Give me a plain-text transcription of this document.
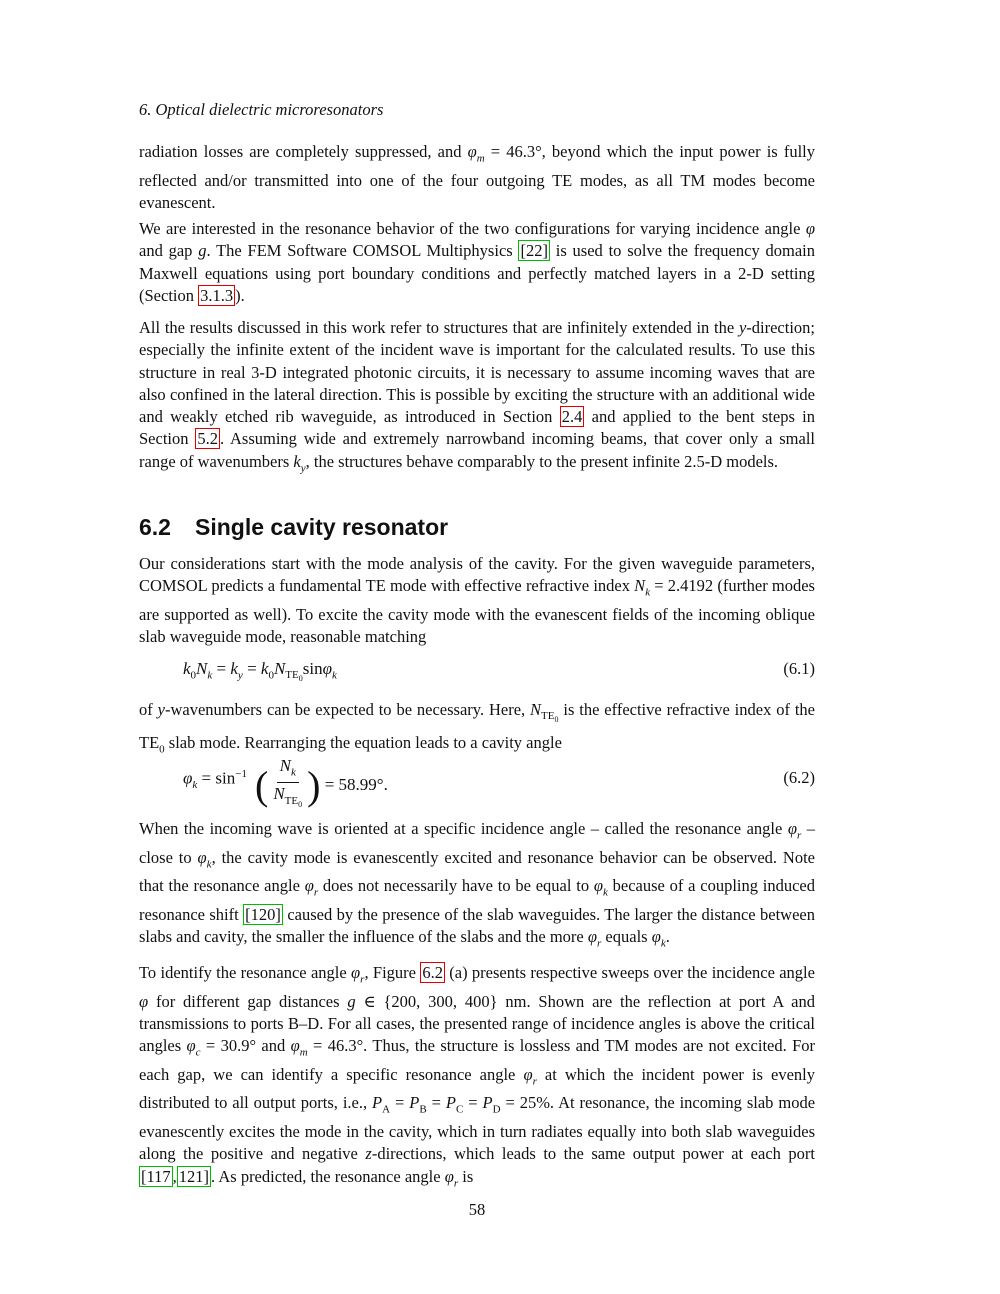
6. Optical dielectric microresonators
radiation losses are completely suppressed, and $\varphi_m = 46.3^\circ$, beyond which the input power is fully reflected and/or transmitted into one of the four outgoing TE modes, as all TM modes become evanescent.
We are interested in the resonance behavior of the two configurations for varying incidence angle φ and gap g. The FEM Software COMSOL Multiphysics [22] is used to solve the frequency domain Maxwell equations using port boundary conditions and perfectly matched layers in a 2-D setting (Section 3.1.3 ).
All the results discussed in this work refer to structures that are infinitely extended in the y-direction; especially the infinite extent of the incident wave is important for the calculated results. To use this structure in real 3-D integrated photonic circuits, it is necessary to assume incoming waves that are also confined in the lateral direction. This is possible by exciting the structure with an additional wide and weakly etched rib waveguide, as introduced in Section 2.4 and applied to the bent steps in Section 5.2 . Assuming wide and extremely narrowband incoming beams, that cover only a small range of wavenumbers $k_y$, the structures behave comparably to the present infinite 2.5-D models.
6.2 Single cavity resonator
Our considerations start with the mode analysis of the cavity. For the given waveguide parameters, COMSOL predicts a fundamental TE mode with effective refractive index $N_k = 2.4192$ (further modes are supported as well). To excite the cavity mode with the evanescent fields of the incoming oblique slab waveguide mode, reasonable matching
$k_0N_k = k_y = k_0N_{TE_0}\sin\varphi_k$	(6.1)
of y-wavenumbers can be expected to be necessary. Here, $N_{TE_0}$ is the effective refractive index of the $TE_0$ slab mode. Rearranging the equation leads to a cavity angle
$\varphi_k = \sin^{-1}$ ( $\frac{N_k}{N_{TE_0}}$ ) = 58.99°.	(6.2)
When the incoming wave is oriented at a specific incidence angle – called the resonance angle $\varphi_r$ – close to $\varphi_k$, the cavity mode is evanescently excited and resonance behavior can be observed. Note that the resonance angle $\varphi_r$ does not necessarily have to be equal to $\varphi_k$ because of a coupling induced resonance shift [120] caused by the presence of the slab waveguides. The larger the distance between slabs and cavity, the smaller the influence of the slabs and the more $\varphi_r$ equals $\varphi_k$.
To identify the resonance angle $\varphi_r$, Figure 6.2 (a) presents respective sweeps over the incidence angle φ for different gap distances g ∈ {200, 300, 400} nm. Shown are the reflection at port A and transmissions to ports B–D. For all cases, the presented range of incidence angles is above the critical angles $\varphi_c = 30.9^\circ$ and $\varphi_m = 46.3^\circ$. Thus, the structure is lossless and TM modes are not excited. For each gap, we can identify a specific resonance angle $\varphi_r$ at which the incident power is evenly distributed to all output ports, i.e., $P_A = P_B = P_C = P_D = 25\%$. At resonance, the incoming slab mode evanescently excites the mode in the cavity, which in turn radiates equally into both slab waveguides along the positive and negative z-directions, which leads to the same output power at each port [117 , 121] . As predicted, the resonance angle $\varphi_r$ is
58
